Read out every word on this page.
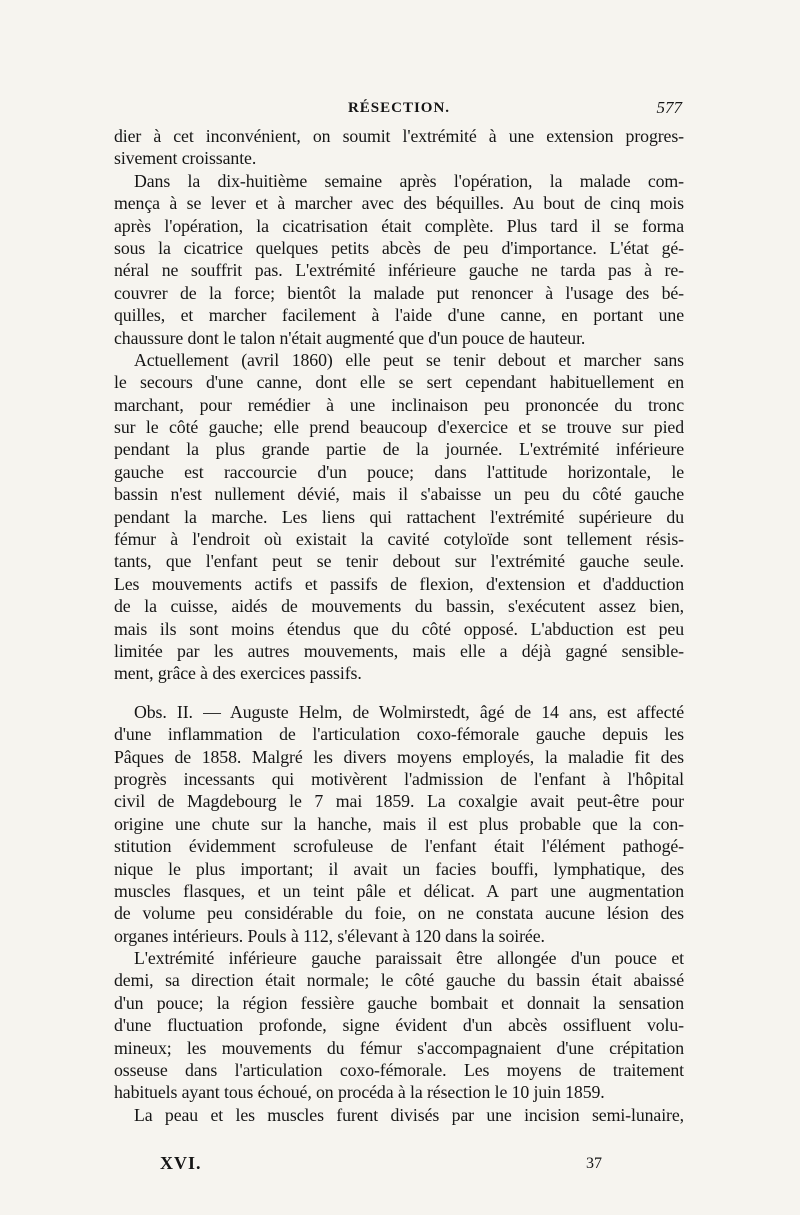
RÉSECTION.	577
dier à cet inconvénient, on soumit l'extrémité à une extension progres-
sivement croissante.
Dans la dix-huitième semaine après l'opération, la malade com-
mença à se lever et à marcher avec des béquilles. Au bout de cinq mois
après l'opération, la cicatrisation était complète. Plus tard il se forma
sous la cicatrice quelques petits abcès de peu d'importance. L'état gé-
néral ne souffrit pas. L'extrémité inférieure gauche ne tarda pas à re-
couvrer de la force; bientôt la malade put renoncer à l'usage des bé-
quilles, et marcher facilement à l'aide d'une canne, en portant une
chaussure dont le talon n'était augmenté que d'un pouce de hauteur.
Actuellement (avril 1860) elle peut se tenir debout et marcher sans
le secours d'une canne, dont elle se sert cependant habituellement en
marchant, pour remédier à une inclinaison peu prononcée du tronc
sur le côté gauche; elle prend beaucoup d'exercice et se trouve sur pied
pendant la plus grande partie de la journée. L'extrémité inférieure
gauche est raccourcie d'un pouce; dans l'attitude horizontale, le
bassin n'est nullement dévié, mais il s'abaisse un peu du côté gauche
pendant la marche. Les liens qui rattachent l'extrémité supérieure du
fémur à l'endroit où existait la cavité cotyloïde sont tellement résis-
tants, que l'enfant peut se tenir debout sur l'extrémité gauche seule.
Les mouvements actifs et passifs de flexion, d'extension et d'adduction
de la cuisse, aidés de mouvements du bassin, s'exécutent assez bien,
mais ils sont moins étendus que du côté opposé. L'abduction est peu
limitée par les autres mouvements, mais elle a déjà gagné sensible-
ment, grâce à des exercices passifs.
Obs. II. — Auguste Helm, de Wolmirstedt, âgé de 14 ans, est affecté
d'une inflammation de l'articulation coxo-fémorale gauche depuis les
Pâques de 1858. Malgré les divers moyens employés, la maladie fit des
progrès incessants qui motivèrent l'admission de l'enfant à l'hôpital
civil de Magdebourg le 7 mai 1859. La coxalgie avait peut-être pour
origine une chute sur la hanche, mais il est plus probable que la con-
stitution évidemment scrofuleuse de l'enfant était l'élément pathogé-
nique le plus important; il avait un facies bouffi, lymphatique, des
muscles flasques, et un teint pâle et délicat. A part une augmentation
de volume peu considérable du foie, on ne constata aucune lésion des
organes intérieurs. Pouls à 112, s'élevant à 120 dans la soirée.
L'extrémité inférieure gauche paraissait être allongée d'un pouce et
demi, sa direction était normale; le côté gauche du bassin était abaissé
d'un pouce; la région fessière gauche bombait et donnait la sensation
d'une fluctuation profonde, signe évident d'un abcès ossifluent volu-
mineux; les mouvements du fémur s'accompagnaient d'une crépitation
osseuse dans l'articulation coxo-fémorale. Les moyens de traitement
habituels ayant tous échoué, on procéda à la résection le 10 juin 1859.
La peau et les muscles furent divisés par une incision semi-lunaire,
XVI.	37
